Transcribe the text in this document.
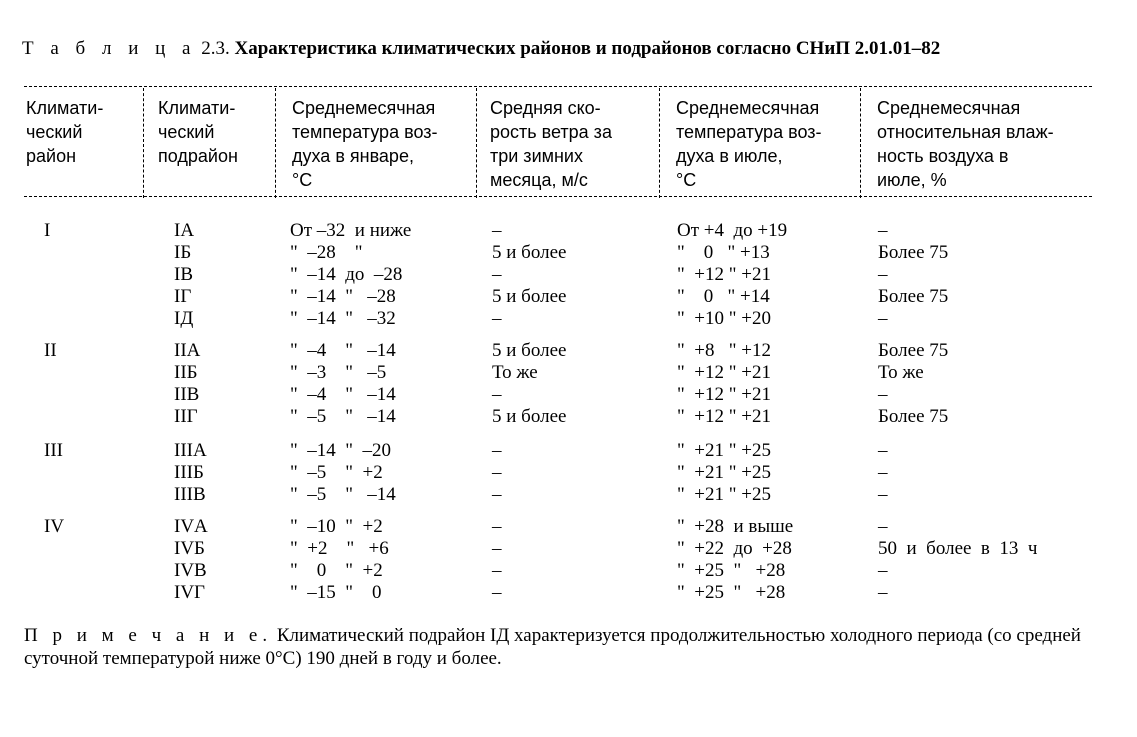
Т а б л и ц а 2.3. Характеристика климатических районов и подрайонов согласно СНиП 2.01.01–82
Климати-
ческий
район
Климати-
ческий
подрайон
Среднемесячная
температура воз-
духа в январе,
°С
Средняя ско-
рость ветра за
три зимних
месяца, м/с
Среднемесячная
температура воз-
духа в июле,
°С
Среднемесячная
относительная влаж-
ность воздуха в
июле, %
I	IА	От –32  и ниже	–	От +4  до +19	–
IБ	"  –28    "	5 и более	"    0   " +13	Более 75
IВ	"  –14  до  –28	–	"  +12 " +21	–
IГ	"  –14  "   –28	5 и более	"    0   " +14	Более 75
IД	"  –14  "   –32	–	"  +10 " +20	–
II	IIА	"  –4    "   –14	5 и более	"  +8   " +12	Более 75
IIБ	"  –3    "   –5	То же	"  +12 " +21	То же
IIВ	"  –4    "   –14	–	"  +12 " +21	–
IIГ	"  –5    "   –14	5 и более	"  +12 " +21	Более 75
III	IIIА	"  –14  "  –20	–	"  +21 " +25	–
IIIБ	"  –5    "  +2	–	"  +21 " +25	–
IIIВ	"  –5    "   –14	–	"  +21 " +25	–
IV	IVА	"  –10  "  +2	–	"  +28  и выше	–
IVБ	"  +2    "   +6	–	"  +22  до  +28	50  и  более  в  13  ч
IVВ	"    0    "  +2	–	"  +25  "   +28	–
IVГ	"  –15  "    0	–	"  +25  "   +28	–
П р и м е ч а н и е. Климатический подрайон IД характеризуется продолжительностью холодного периода (со средней суточной температурой ниже 0°С) 190 дней в году и более.
